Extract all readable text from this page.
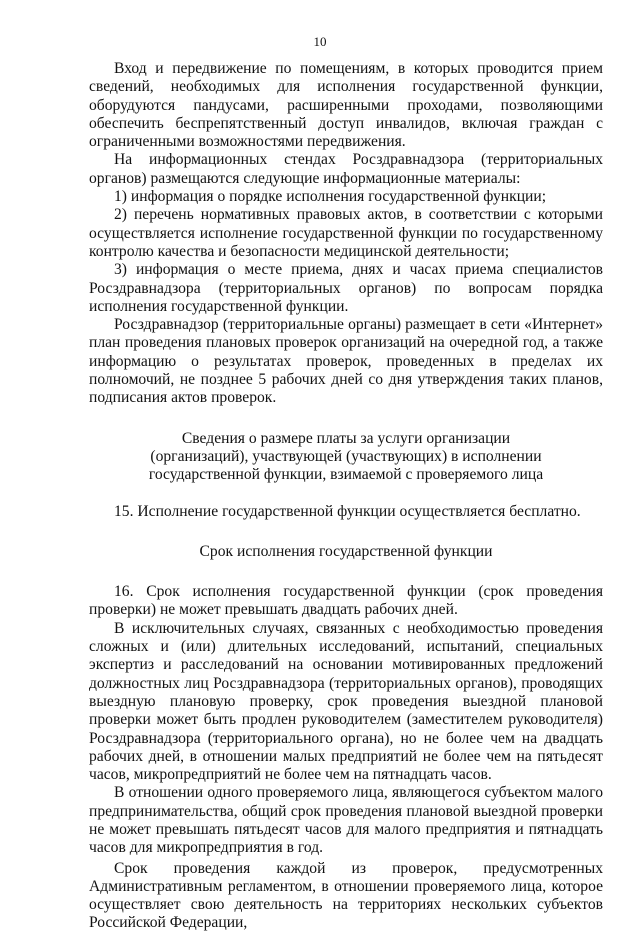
10

Вход и передвижение по помещениям, в которых проводится прием сведений, необходимых для исполнения государственной функции, оборудуются пандусами, расширенными проходами, позволяющими обеспечить беспрепятственный доступ инвалидов, включая граждан с ограниченными возможностями передвижения.

На информационных стендах Росздравнадзора (территориальных органов) размещаются следующие информационные материалы:

1) информация о порядке исполнения государственной функции;

2) перечень нормативных правовых актов, в соответствии с которыми осуществляется исполнение государственной функции по государственному контролю качества и безопасности медицинской деятельности;

3) информация о месте приема, днях и часах приема специалистов Росздравнадзора (территориальных органов) по вопросам порядка исполнения государственной функции.

Росздравнадзор (территориальные органы) размещает в сети «Интернет» план проведения плановых проверок организаций на очередной год, а также информацию о результатах проверок, проведенных в пределах их полномочий, не позднее 5 рабочих дней со дня утверждения таких планов, подписания актов проверок.

Сведения о размере платы за услуги организации
(организаций), участвующей (участвующих) в исполнении
государственной функции, взимаемой с проверяемого лица

15. Исполнение государственной функции осуществляется бесплатно.

Срок исполнения государственной функции

16. Срок исполнения государственной функции (срок проведения проверки) не может превышать двадцать рабочих дней.

В исключительных случаях, связанных с необходимостью проведения сложных и (или) длительных исследований, испытаний, специальных экспертиз и расследований на основании мотивированных предложений должностных лиц Росздравнадзора (территориальных органов), проводящих выездную плановую проверку, срок проведения выездной плановой проверки может быть продлен руководителем (заместителем руководителя) Росздравнадзора (территориального органа), но не более чем на двадцать рабочих дней, в отношении малых предприятий не более чем на пятьдесят часов, микропредприятий не более чем на пятнадцать часов.

В отношении одного проверяемого лица, являющегося субъектом малого предпринимательства, общий срок проведения плановой выездной проверки не может превышать пятьдесят часов для малого предприятия и пятнадцать часов для микропредприятия в год.

Срок проведения каждой из проверок, предусмотренных Административным регламентом, в отношении проверяемого лица, которое осуществляет свою деятельность на территориях нескольких субъектов Российской Федерации,
